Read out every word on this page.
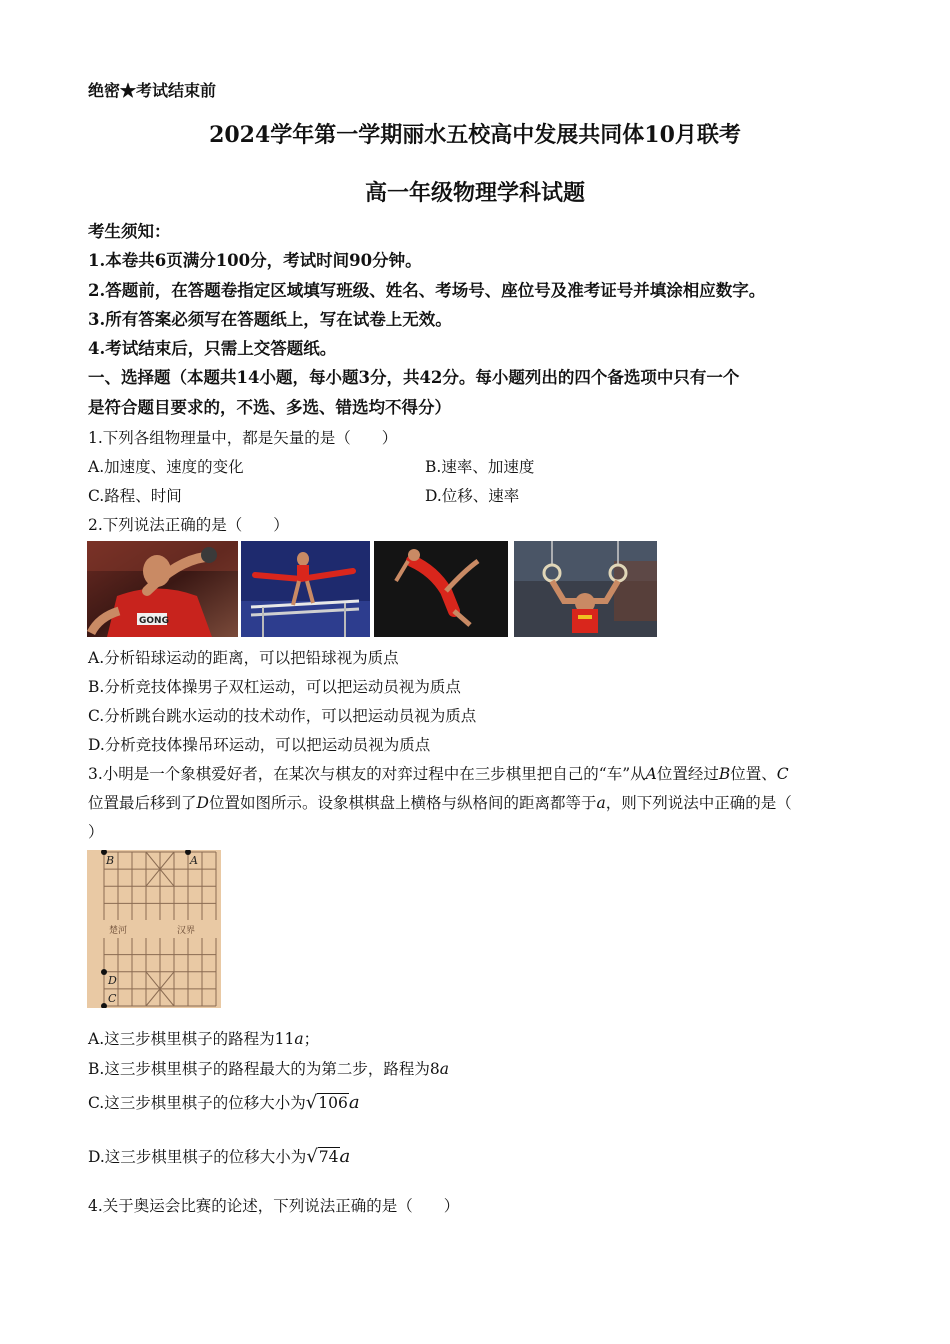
绝密★考试结束前
2024学年第一学期丽水五校高中发展共同体10月联考
高一年级物理学科试题
考生须知：
1.本卷共6页满分100分，考试时间90分钟。
2.答题前，在答题卷指定区域填写班级、姓名、考场号、座位号及准考证号并填涂相应数字。
3.所有答案必须写在答题纸上，写在试卷上无效。
4.考试结束后，只需上交答题纸。
一、选择题（本题共14小题，每小题3分，共42分。每小题列出的四个备选项中只有一个
是符合题目要求的，不选、多选、错选均不得分）
1.下列各组物理量中，都是矢量的是（　　）
A.加速度、速度的变化	B.速率、加速度
C.路程、时间	D.位移、速率
2.下列说法正确的是（　　）
GONG
A.分析铅球运动的距离，可以把铅球视为质点
B.分析竞技体操男子双杠运动，可以把运动员视为质点
C.分析跳台跳水运动的技术动作，可以把运动员视为质点
D.分析竞技体操吊环运动，可以把运动员视为质点
3.小明是一个象棋爱好者，在某次与棋友的对弈过程中在三步棋里把自己的“车”从A位置经过B位置、C
位置最后移到了D位置如图所示。设象棋棋盘上横格与纵格间的距离都等于a，则下列说法中正确的是（
）
楚河	汉界
B	A
D
C
A.这三步棋里棋子的路程为11a；
B.这三步棋里棋子的路程最大的为第二步，路程为8a
C.这三步棋里棋子的位移大小为√106a
D.这三步棋里棋子的位移大小为√74a
4.关于奥运会比赛的论述，下列说法正确的是（　　）
